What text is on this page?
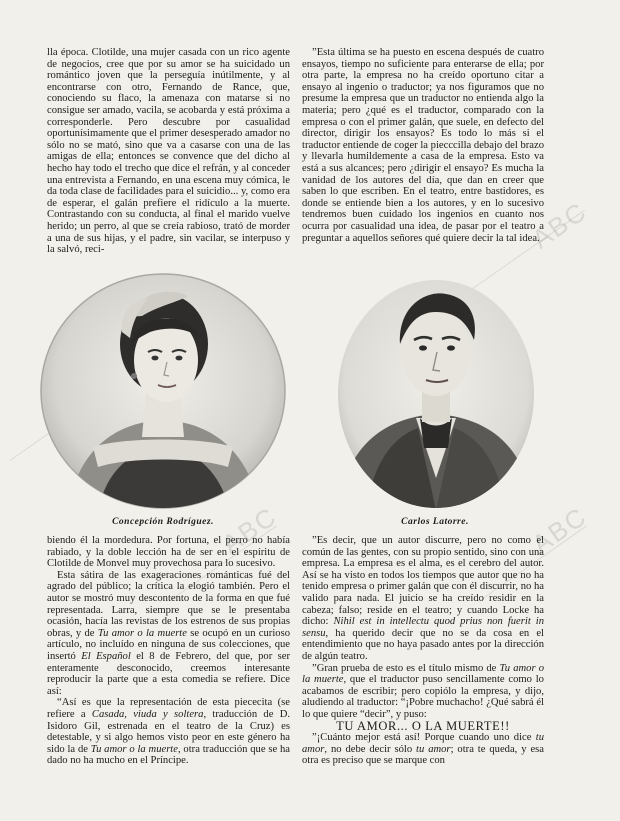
ABC
ABC
ABC

lla época. Clotilde, una mujer casada con un rico agente de negocios, cree que por su amor se ha suicidado un romántico joven que la perseguía inútilmente, y al encontrarse con otro, Fernando de Rance, que, conociendo su flaco, la amenaza con matarse si no consigue ser amado, vacila, se acobarda y está próxima a corresponderle. Pero descubre por casualidad oportunísimamente que el primer desesperado amador no sólo no se mató, sino que va a casarse con una de las amigas de ella; entonces se convence que del dicho al hecho hay todo el trecho que dice el refrán, y al conceder una entrevista a Fernando, en una escena muy cómica, le da toda clase de facilidades para el suicidio... y, como era de esperar, el galán prefiere el ridículo a la muerte. Contrastando con su conducta, al final el marido vuelve herido; un perro, al que se creía rabioso, trató de morder a una de sus hijas, y el padre, sin vacilar, se interpuso y la salvó, reci-

”Esta última se ha puesto en escena después de cuatro ensayos, tiempo no suficiente para enterarse de ella; por otra parte, la empresa no ha creído oportuno citar a ensayo al ingenio o traductor; ya nos figuramos que no presume la empresa que un traductor no entienda algo la materia; pero ¿qué es el traductor, comparado con la empresa o con el primer galán, que suele, en defecto del director, dirigir los ensayos? Es todo lo más si el traductor entiende de coger la piecccilla debajo del brazo y llevarla humildemente a casa de la empresa. Esto va está a sus alcances; pero ¿dirigir el ensayo? Es mucha la vanidad de los autores del día, que dan en creer que saben lo que escriben. En el teatro, entre bastidores, es donde se entiende bien a los autores, y en lo sucesivo tendremos buen cuidado los ingenios en cuanto nos ocurra por casualidad una idea, de pasar por el teatro a preguntar a aquellos señores qué quiere decir la tal idea.

Concepción Rodríguez.	Carlos Latorre.

biendo él la mordedura. Por fortuna, el perro no había rabiado, y la doble lección ha de ser en el espíritu de Clotilde de Monvel muy provechosa para lo sucesivo.

Esta sátira de las exageraciones románticas fué del agrado del público; la crítica la elogió también. Pero el autor se mostró muy descontento de la forma en que fué representada. Larra, siempre que se le presentaba ocasión, hacía las revistas de los estrenos de sus propias obras, y de Tu amor o la muerte se ocupó en un curioso artículo, no incluído en ninguna de sus colecciones, que insertó El Español el 8 de Febrero, del que, por ser enteramente desconocido, creemos interesante reproducir la parte que a esta comedia se refiere. Dice así:

“Así es que la representación de esta piececita (se refiere a Casada, viuda y soltera, traducción de D. Isidoro Gil, estrenada en el teatro de la Cruz) es detestable, y si algo hemos visto peor en este género ha sido la de Tu amor o la muerte, otra traducción que se ha dado no ha mucho en el Príncipe.

”Es decir, que un autor discurre, pero no como el común de las gentes, con su propio sentido, sino con una empresa. La empresa es el alma, es el cerebro del autor. Así se ha visto en todos los tiempos que autor que no ha tenido empresa o primer galán que con él discurrir, no ha valido para nada. El juicio se ha creído residir en la cabeza; falso; reside en el teatro; y cuando Locke ha dicho: Nihil est in intellectu quod prius non fuerit in sensu, ha querido decir que no se da cosa en el entendimiento que no haya pasado antes por la dirección de algún teatro.

”Gran prueba de esto es el título mismo de Tu amor o la muerte, que el traductor puso sencillamente como lo acabamos de escribir; pero copiólo la empresa, y dijo, aludiendo al traductor: “¡Pobre muchacho! ¿Qué sabrá él lo que quiere “decir”, y puso:

TU AMOR... O LA MUERTE!!

”¡Cuánto mejor está así! Porque cuando uno dice tu amor, no debe decir sólo tu amor; otra te queda, y esa otra es preciso que se marque con
